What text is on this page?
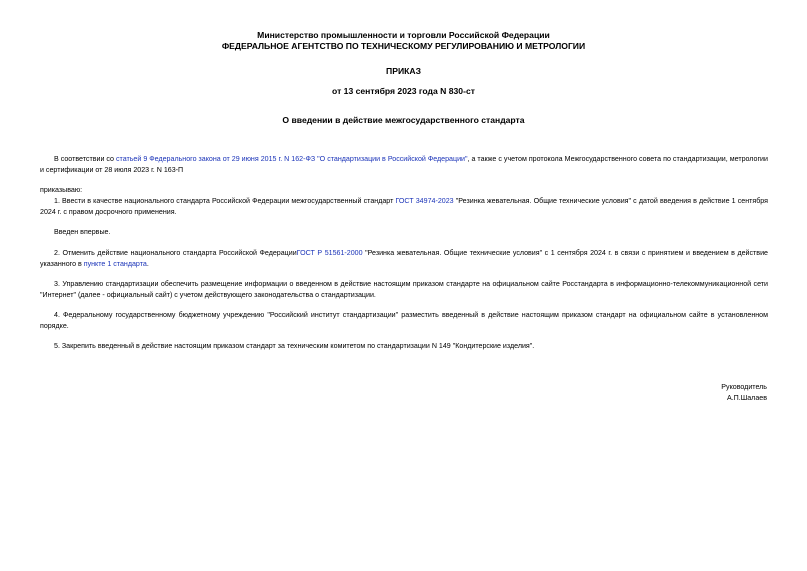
Министерство промышленности и торговли Российской Федерации
ФЕДЕРАЛЬНОЕ АГЕНТСТВО ПО ТЕХНИЧЕСКОМУ РЕГУЛИРОВАНИЮ И МЕТРОЛОГИИ
ПРИКАЗ
от 13 сентября 2023 года N 830-ст
О введении в действие межгосударственного стандарта
В соответствии со статьей 9 Федерального закона от 29 июня 2015 г. N 162-ФЗ "О стандартизации в Российской Федерации", а также с учетом протокола Межгосударственного совета по стандартизации, метрологии и сертификации от 28 июля 2023 г. N 163-П
приказываю:
1. Ввести в качестве национального стандарта Российской Федерации межгосударственный стандарт ГОСТ 34974-2023 "Резинка жевательная. Общие технические условия" с датой введения в действие 1 сентября 2024 г. с правом досрочного применения.
Введен впервые.
2. Отменить действие национального стандарта Российской ФедерацииГОСТ Р 51561-2000 "Резинка жевательная. Общие технические условия" с 1 сентября 2024 г. в связи с принятием и введением в действие указанного в пункте 1 стандарта.
3. Управлению стандартизации обеспечить размещение информации о введенном в действие настоящим приказом стандарте на официальном сайте Росстандарта в информационно-телекоммуникационной сети "Интернет" (далее - официальный сайт) с учетом действующего законодательства о стандартизации.
4. Федеральному государственному бюджетному учреждению "Российский институт стандартизации" разместить введенный в действие настоящим приказом стандарт на официальном сайте в установленном порядке.
5. Закрепить введенный в действие настоящим приказом стандарт за техническим комитетом по стандартизации N 149 "Кондитерские изделия".
Руководитель
А.П.Шалаев
